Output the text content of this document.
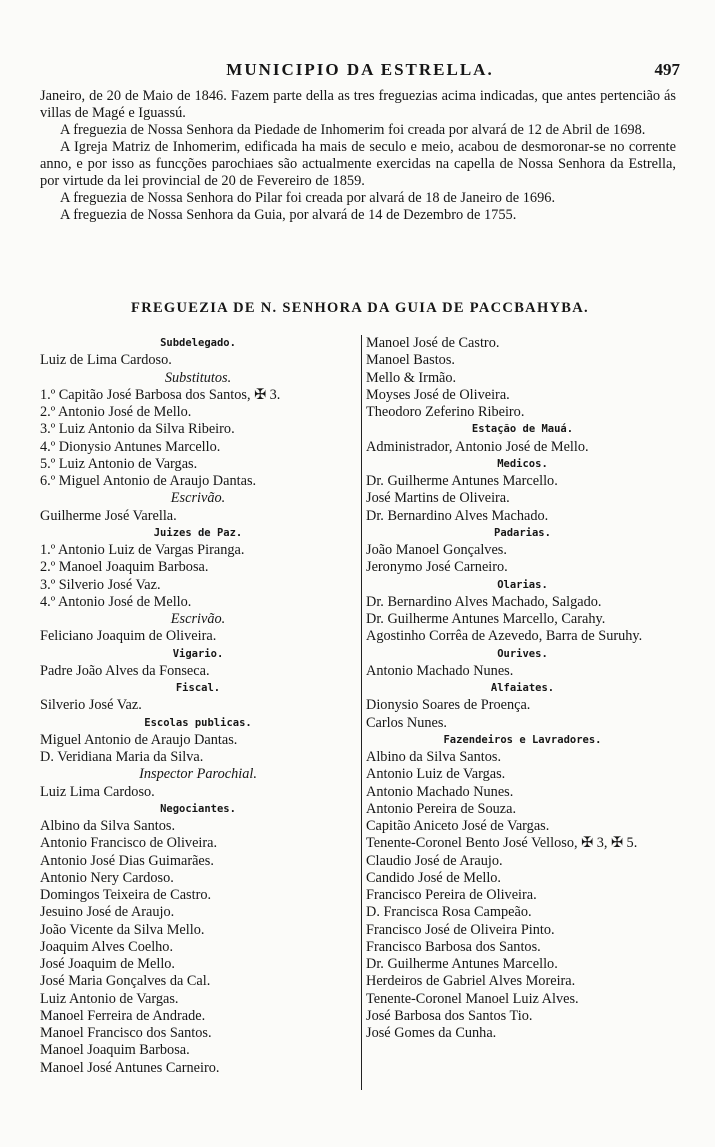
MUNICIPIO DA ESTRELLA.	497

Janeiro, de 20 de Maio de 1846. Fazem parte della as tres freguezias acima indicadas, que antes pertencião ás villas de Magé e Iguassú.

A freguezia de Nossa Senhora da Piedade de Inhomerim foi creada por alvará de 12 de Abril de 1698.

A Igreja Matriz de Inhomerim, edificada ha mais de seculo e meio, acabou de desmoronar-se no corrente anno, e por isso as funcções parochiaes são actualmente exercidas na capella de Nossa Senhora da Estrella, por virtude da lei provincial de 20 de Fevereiro de 1859.

A freguezia de Nossa Senhora do Pilar foi creada por alvará de 18 de Janeiro de 1696.

A freguezia de Nossa Senhora da Guia, por alvará de 14 de Dezembro de 1755.

FREGUEZIA DE N. SENHORA DA GUIA DE PACCBAHYBA.
Subdelegado.
Luiz de Lima Cardoso.
Substitutos.
1.º Capitão José Barbosa dos Santos, ✠ 3.
2.º Antonio José de Mello.
3.º Luiz Antonio da Silva Ribeiro.
4.º Dionysio Antunes Marcello.
5.º Luiz Antonio de Vargas.
6.º Miguel Antonio de Araujo Dantas.
Escrivão.
Guilherme José Varella.
Juizes de Paz.
1.º Antonio Luiz de Vargas Piranga.
2.º Manoel Joaquim Barbosa.
3.º Silverio José Vaz.
4.º Antonio José de Mello.
Escrivão.
Feliciano Joaquim de Oliveira.
Vigario.
Padre João Alves da Fonseca.
Fiscal.
Silverio José Vaz.
Escolas publicas.
Miguel Antonio de Araujo Dantas.
D. Veridiana Maria da Silva.
Inspector Parochial.
Luiz Lima Cardoso.
Negociantes.
Albino da Silva Santos.
Antonio Francisco de Oliveira.
Antonio José Dias Guimarães.
Antonio Nery Cardoso.
Domingos Teixeira de Castro.
Jesuino José de Araujo.
João Vicente da Silva Mello.
Joaquim Alves Coelho.
José Joaquim de Mello.
José Maria Gonçalves da Cal.
Luiz Antonio de Vargas.
Manoel Ferreira de Andrade.
Manoel Francisco dos Santos.
Manoel Joaquim Barbosa.
Manoel José Antunes Carneiro.
Manoel José de Castro.
Manoel Bastos.
Mello & Irmão.
Moyses José de Oliveira.
Theodoro Zeferino Ribeiro.
Estação de Mauá.
Administrador, Antonio José de Mello.
Medicos.
Dr. Guilherme Antunes Marcello.
José Martins de Oliveira.
Dr. Bernardino Alves Machado.
Padarias.
João Manoel Gonçalves.
Jeronymo José Carneiro.
Olarias.
Dr. Bernardino Alves Machado, Salgado.
Dr. Guilherme Antunes Marcello, Carahy.
Agostinho Corrêa de Azevedo, Barra de Suruhy.
Ourives.
Antonio Machado Nunes.
Alfaiates.
Dionysio Soares de Proença.
Carlos Nunes.
Fazendeiros e Lavradores.
Albino da Silva Santos.
Antonio Luiz de Vargas.
Antonio Machado Nunes.
Antonio Pereira de Souza.
Capitão Aniceto José de Vargas.
Tenente-Coronel Bento José Velloso, ✠ 3, ✠ 5.
Claudio José de Araujo.
Candido José de Mello.
Francisco Pereira de Oliveira.
D. Francisca Rosa Campeão.
Francisco José de Oliveira Pinto.
Francisco Barbosa dos Santos.
Dr. Guilherme Antunes Marcello.
Herdeiros de Gabriel Alves Moreira.
Tenente-Coronel Manoel Luiz Alves.
José Barbosa dos Santos Tio.
José Gomes da Cunha.
